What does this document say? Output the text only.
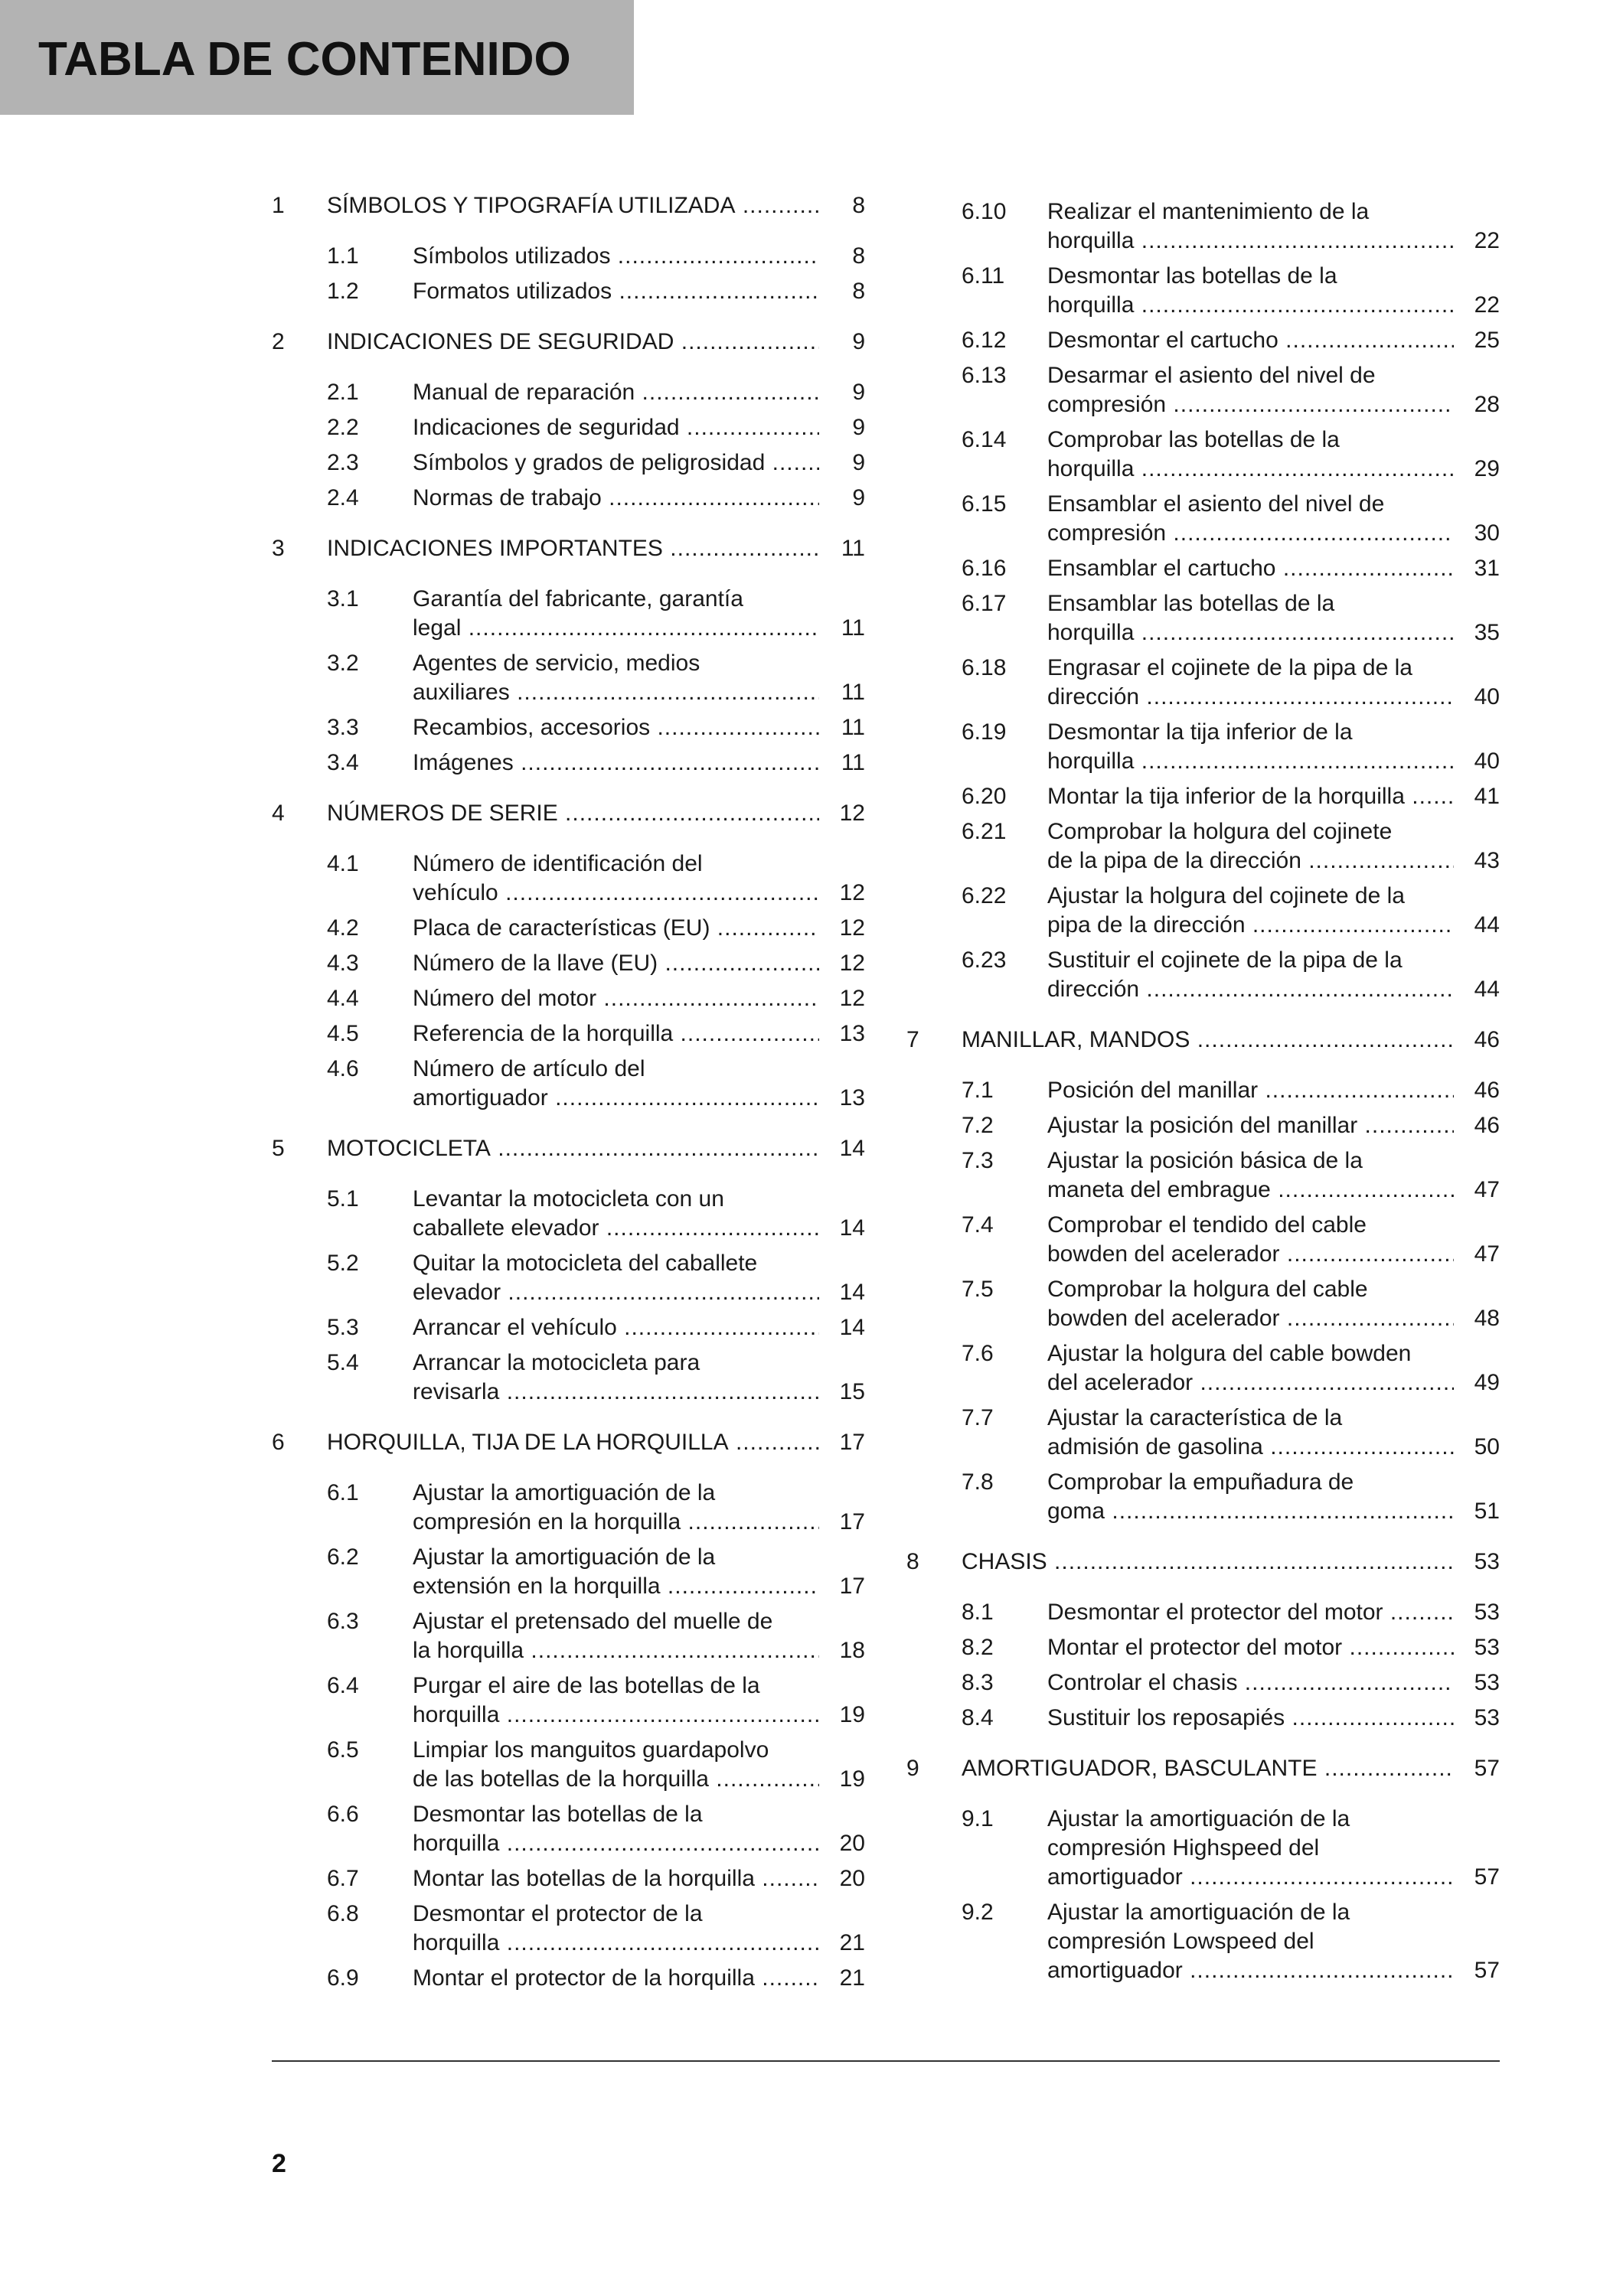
TABLA DE CONTENIDO
1 SÍMBOLOS Y TIPOGRAFÍA UTILIZADA .....	8
1.1 Símbolos utilizados .....	8
1.2 Formatos utilizados .....	8
2 INDICACIONES DE SEGURIDAD .....	9
2.1 Manual de reparación .....	9
2.2 Indicaciones de seguridad .....	9
2.3 Símbolos y grados de peligrosidad .....	9
2.4 Normas de trabajo .....	9
3 INDICACIONES IMPORTANTES .....	11
3.1 Garantía del fabricante, garantía
legal .....	11
3.2 Agentes de servicio, medios
auxiliares .....	11
3.3 Recambios, accesorios .....	11
3.4 Imágenes .....	11
4 NÚMEROS DE SERIE .....	12
4.1 Número de identificación del
vehículo .....	12
4.2 Placa de características (EU) .....	12
4.3 Número de la llave (EU) .....	12
4.4 Número del motor .....	12
4.5 Referencia de la horquilla .....	13
4.6 Número de artículo del
amortiguador .....	13
5 MOTOCICLETA .....	14
5.1 Levantar la motocicleta con un
caballete elevador .....	14
5.2 Quitar la motocicleta del caballete
elevador .....	14
5.3 Arrancar el vehículo .....	14
5.4 Arrancar la motocicleta para
revisarla .....	15
6 HORQUILLA, TIJA DE LA HORQUILLA .....	17
6.1 Ajustar la amortiguación de la
compresión en la horquilla .....	17
6.2 Ajustar la amortiguación de la
extensión en la horquilla .....	17
6.3 Ajustar el pretensado del muelle de
la horquilla .....	18
6.4 Purgar el aire de las botellas de la
horquilla .....	19
6.5 Limpiar los manguitos guardapolvo
de las botellas de la horquilla .....	19
6.6 Desmontar las botellas de la
horquilla .....	20
6.7 Montar las botellas de la horquilla .....	20
6.8 Desmontar el protector de la
horquilla .....	21
6.9 Montar el protector de la horquilla .....	21
6.10 Realizar el mantenimiento de la
horquilla .....	22
6.11 Desmontar las botellas de la
horquilla .....	22
6.12 Desmontar el cartucho .....	25
6.13 Desarmar el asiento del nivel de
compresión .....	28
6.14 Comprobar las botellas de la
horquilla .....	29
6.15 Ensamblar el asiento del nivel de
compresión .....	30
6.16 Ensamblar el cartucho .....	31
6.17 Ensamblar las botellas de la
horquilla .....	35
6.18 Engrasar el cojinete de la pipa de la
dirección .....	40
6.19 Desmontar la tija inferior de la
horquilla .....	40
6.20 Montar la tija inferior de la horquilla .....	41
6.21 Comprobar la holgura del cojinete
de la pipa de la dirección .....	43
6.22 Ajustar la holgura del cojinete de la
pipa de la dirección .....	44
6.23 Sustituir el cojinete de la pipa de la
dirección .....	44
7 MANILLAR, MANDOS .....	46
7.1 Posición del manillar .....	46
7.2 Ajustar la posición del manillar .....	46
7.3 Ajustar la posición básica de la
maneta del embrague .....	47
7.4 Comprobar el tendido del cable
bowden del acelerador .....	47
7.5 Comprobar la holgura del cable
bowden del acelerador .....	48
7.6 Ajustar la holgura del cable bowden
del acelerador .....	49
7.7 Ajustar la característica de la
admisión de gasolina .....	50
7.8 Comprobar la empuñadura de
goma .....	51
8 CHASIS .....	53
8.1 Desmontar el protector del motor .....	53
8.2 Montar el protector del motor .....	53
8.3 Controlar el chasis .....	53
8.4 Sustituir los reposapiés .....	53
9 AMORTIGUADOR, BASCULANTE .....	57
9.1 Ajustar la amortiguación de la
compresión Highspeed del
amortiguador .....	57
9.2 Ajustar la amortiguación de la
compresión Lowspeed del
amortiguador .....	57
2
